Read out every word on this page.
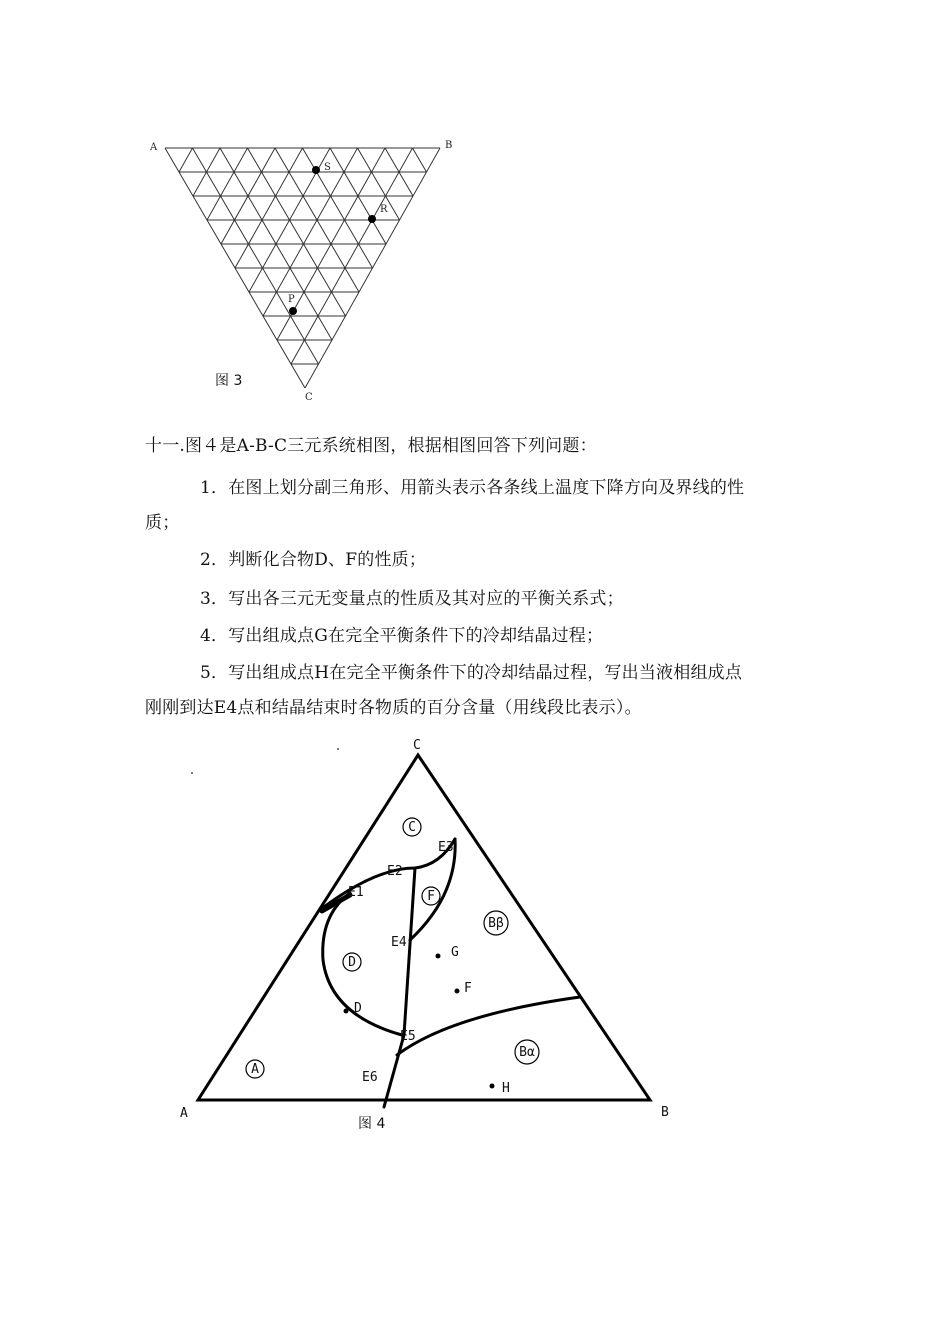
A	B
C
S
R
P
图 3

十一.图４是A-B-C三元系统相图，根据相图回答下列问题：

1．在图上划分副三角形、用箭头表示各条线上温度下降方向及界线的性

质；

2．判断化合物D、F的性质；

3．写出各三元无变量点的性质及其对应的平衡关系式；

4．写出组成点G在完全平衡条件下的冷却结晶过程；

5．写出组成点H在完全平衡条件下的冷却结晶过程，写出当液相组成点

刚刚到达E4点和结晶结束时各物质的百分含量（用线段比表示）。

C
A	B
E1
E2
E3
E4
E5
E6
D
G
F
H
C
F
D
A
Bβ
Bα
图 4
